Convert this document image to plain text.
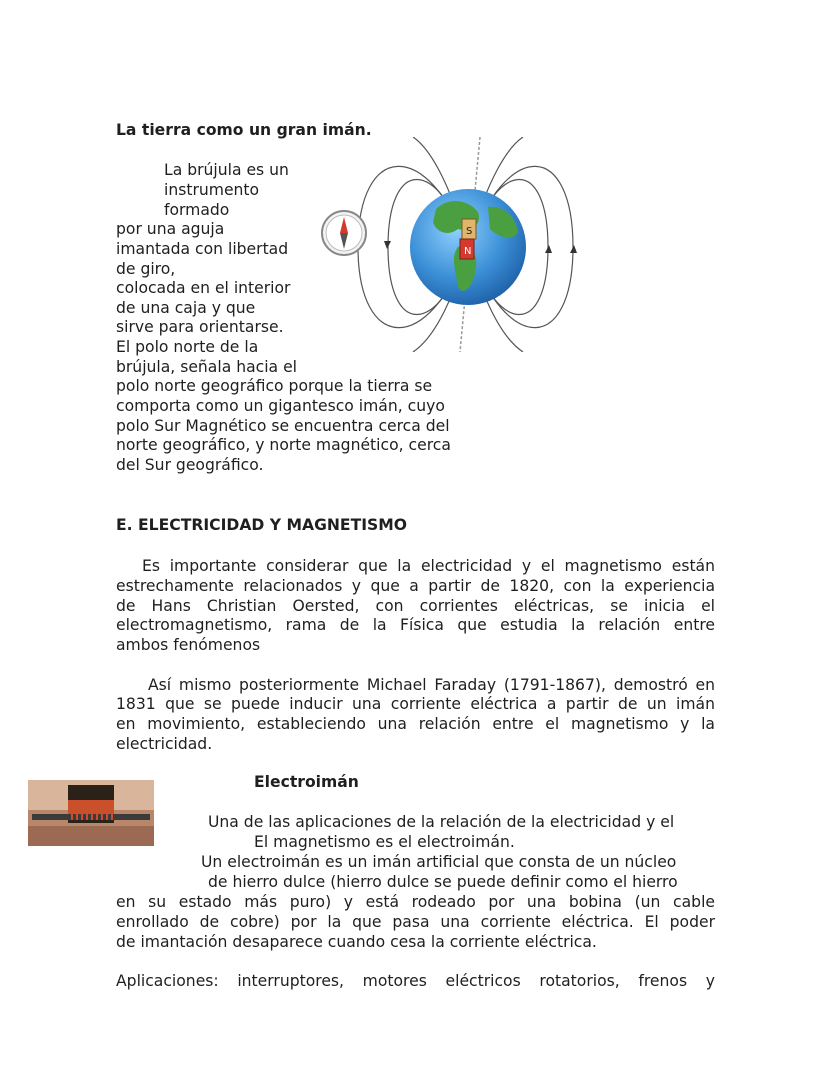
La tierra como un gran imán.
La brújula es un
instrumento
formado
por una aguja
imantada con libertad
de giro,
colocada en el interior
de una caja y que
sirve para orientarse.
El polo norte de la
brújula, señala hacia el
polo norte geográfico porque la tierra se
comporta como un gigantesco imán, cuyo
polo Sur Magnético se encuentra cerca del
norte geográfico, y norte magnético, cerca
del Sur geográfico.
S
N
E. ELECTRICIDAD Y MAGNETISMO
Es importante considerar que la electricidad y el magnetismo están
estrechamente relacionados y que a partir de 1820, con la experiencia
de Hans Christian Oersted, con corrientes eléctricas, se inicia el
electromagnetismo, rama de la Física que estudia la relación entre
ambos fenómenos
Así mismo posteriormente Michael Faraday (1791-1867), demostró en
1831 que se puede inducir una corriente eléctrica a partir de un imán
en movimiento, estableciendo una relación entre el magnetismo y la
electricidad.
Electroimán
Una de las aplicaciones de la relación de la electricidad y el
El magnetismo es el electroimán.
Un electroimán es un imán artificial que consta de un núcleo
de hierro dulce (hierro dulce se puede definir como el hierro
en su estado más puro) y está rodeado por una bobina (un cable
enrollado de cobre) por la que pasa una corriente eléctrica. El poder
de imantación desaparece cuando cesa la corriente eléctrica.
Aplicaciones: interruptores, motores eléctricos rotatorios, frenos y
